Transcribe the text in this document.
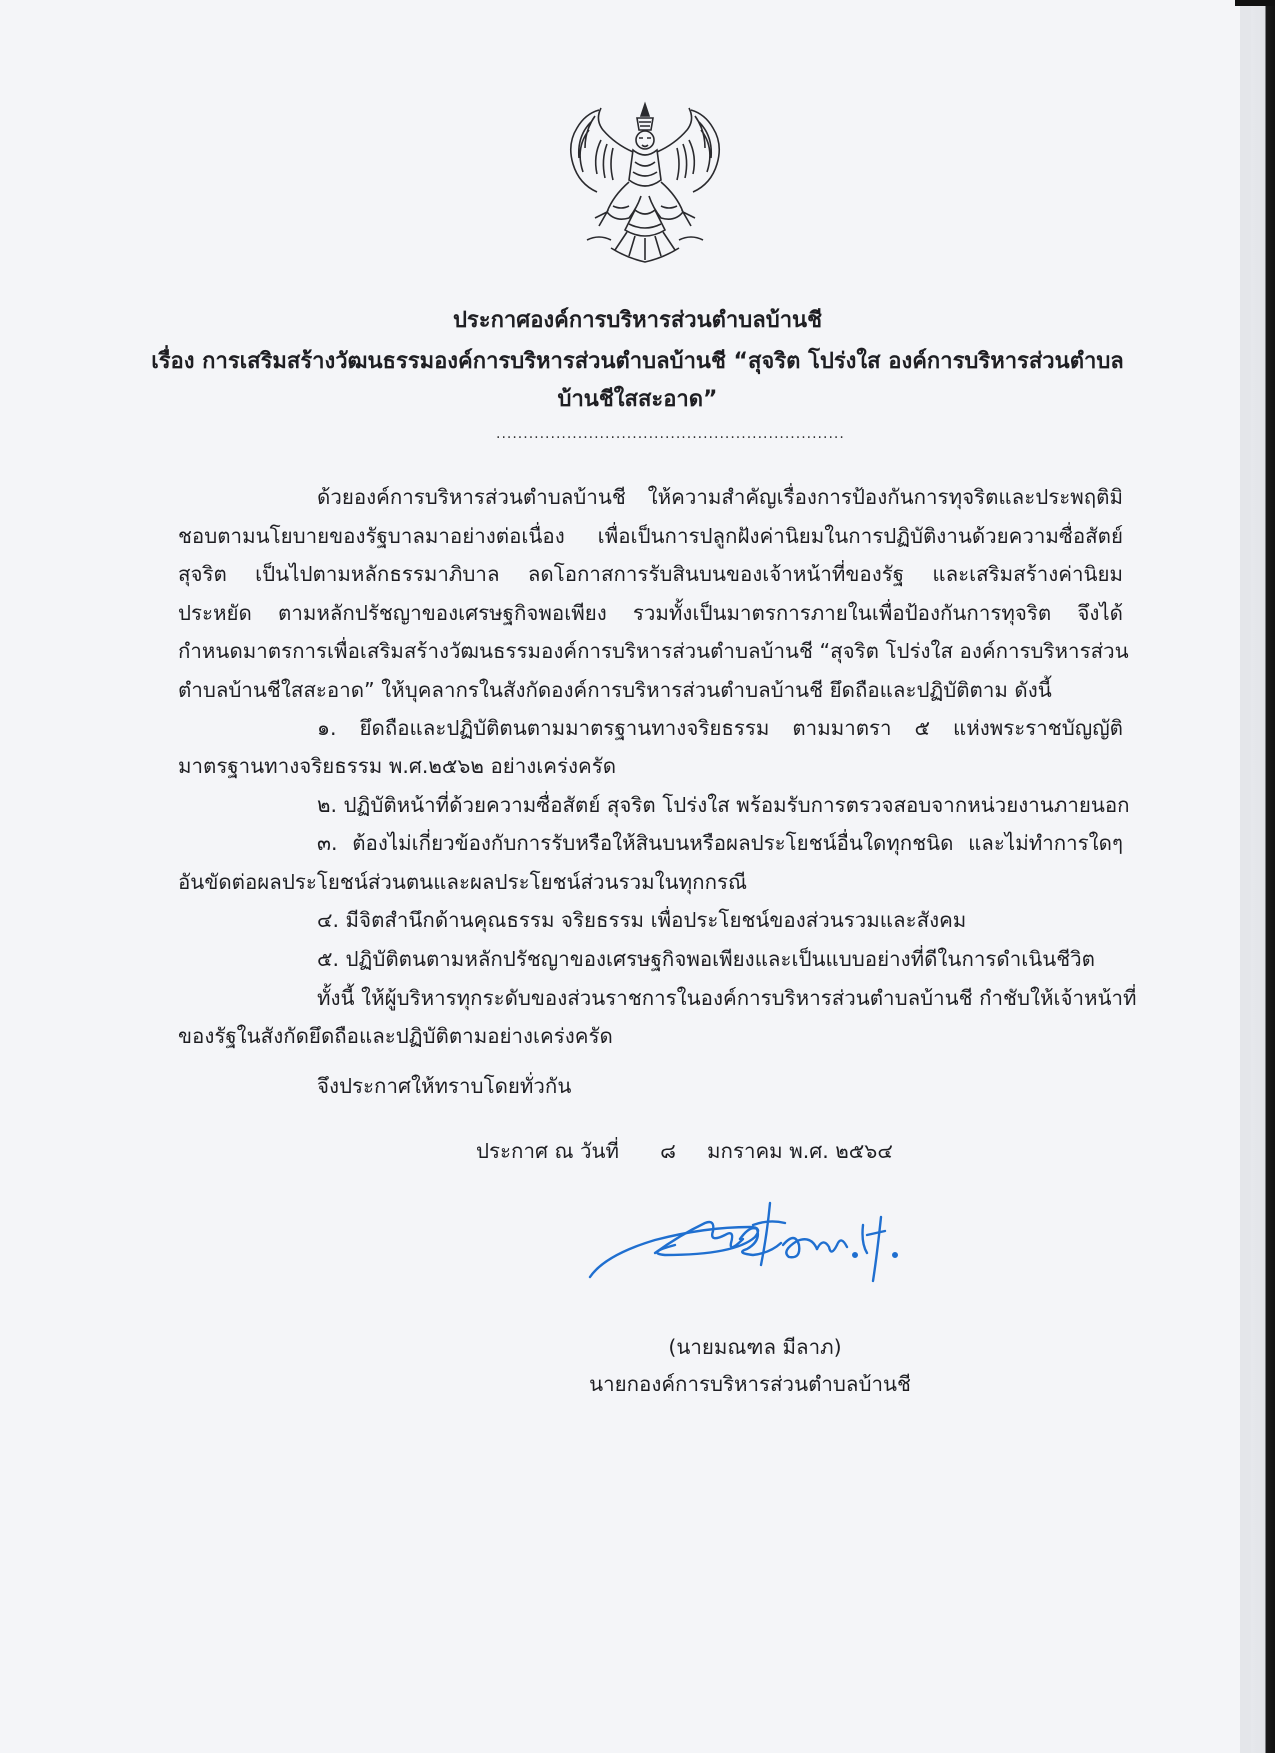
ประกาศองค์การบริหารส่วนตำบลบ้านชี

เรื่อง การเสริมสร้างวัฒนธรรมองค์การบริหารส่วนตำบลบ้านชี “สุจริต โปร่งใส องค์การบริหารส่วนตำบล

บ้านชีใสสะอาด”

................................................................

ด้วยองค์การบริหารส่วนตำบลบ้านชี ให้ความสำคัญเรื่องการป้องกันการทุจริตและประพฤติมิ

ชอบตามนโยบายของรัฐบาลมาอย่างต่อเนื่อง เพื่อเป็นการปลูกฝังค่านิยมในการปฏิบัติงานด้วยความซื่อสัตย์

สุจริต เป็นไปตามหลักธรรมาภิบาล ลดโอกาสการรับสินบนของเจ้าหน้าที่ของรัฐ และเสริมสร้างค่านิยม

ประหยัด ตามหลักปรัชญาของเศรษฐกิจพอเพียง รวมทั้งเป็นมาตรการภายในเพื่อป้องกันการทุจริต จึงได้

กำหนดมาตรการเพื่อเสริมสร้างวัฒนธรรมองค์การบริหารส่วนตำบลบ้านชี “สุจริต โปร่งใส องค์การบริหารส่วน

ตำบลบ้านชีใสสะอาด” ให้บุคลากรในสังกัดองค์การบริหารส่วนตำบลบ้านชี ยึดถือและปฏิบัติตาม ดังนี้

๑. ยึดถือและปฏิบัติตนตามมาตรฐานทางจริยธรรม ตามมาตรา ๕ แห่งพระราชบัญญัติ

มาตรฐานทางจริยธรรม พ.ศ.๒๕๖๒ อย่างเคร่งครัด

๒. ปฏิบัติหน้าที่ด้วยความซื่อสัตย์ สุจริต โปร่งใส พร้อมรับการตรวจสอบจากหน่วยงานภายนอก

๓. ต้องไม่เกี่ยวข้องกับการรับหรือให้สินบนหรือผลประโยชน์อื่นใดทุกชนิด และไม่ทำการใดๆ

อันขัดต่อผลประโยชน์ส่วนตนและผลประโยชน์ส่วนรวมในทุกกรณี

๔. มีจิตสำนึกด้านคุณธรรม จริยธรรม เพื่อประโยชน์ของส่วนรวมและสังคม

๕. ปฏิบัติตนตามหลักปรัชญาของเศรษฐกิจพอเพียงและเป็นแบบอย่างที่ดีในการดำเนินชีวิต

ทั้งนี้ ให้ผู้บริหารทุกระดับของส่วนราชการในองค์การบริหารส่วนตำบลบ้านชี กำชับให้เจ้าหน้าที่

ของรัฐในสังกัดยึดถือและปฏิบัติตามอย่างเคร่งครัด

จึงประกาศให้ทราบโดยทั่วกัน

ประกาศ ณ วันที่ ๘ มกราคม พ.ศ. ๒๕๖๔

(นายมณฑล มีลาภ)

นายกองค์การบริหารส่วนตำบลบ้านชี
